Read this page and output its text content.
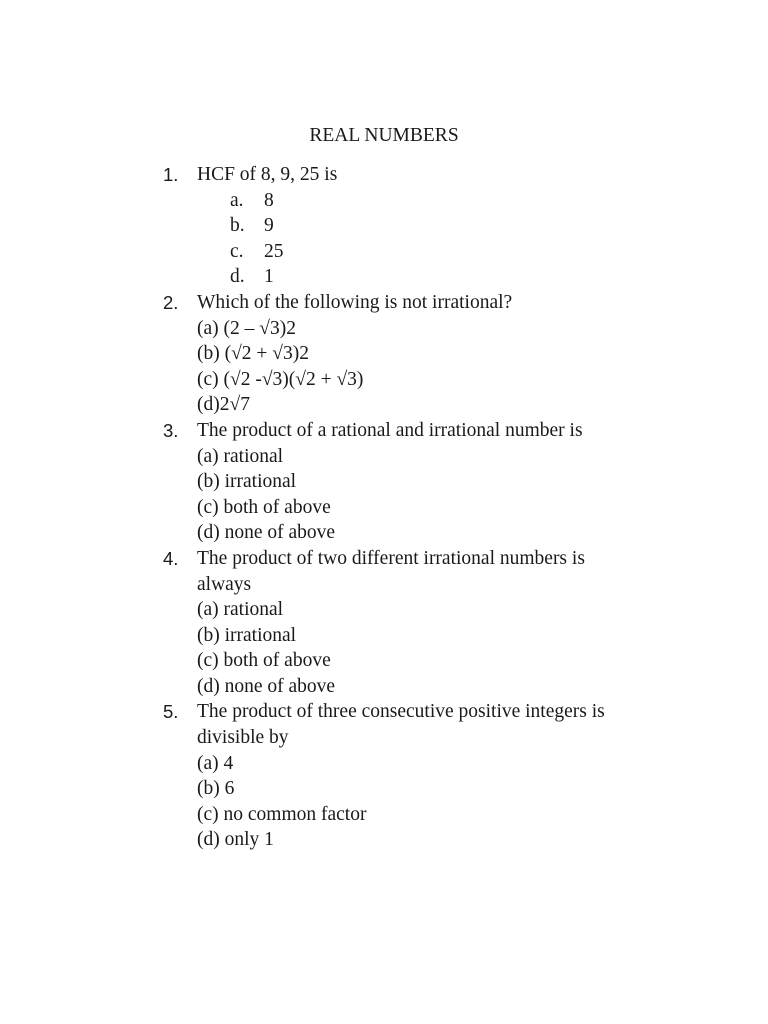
REAL NUMBERS
1. HCF of 8, 9, 25 is
a. 8
b. 9
c. 25
d. 1
2. Which of the following is not irrational?
(a) (2 – √3)2
(b) (√2 + √3)2
(c) (√2 -√3)(√2 + √3)
(d)2√7
3. The product of a rational and irrational number is
(a) rational
(b) irrational
(c) both of above
(d) none of above
4. The product of two different irrational numbers is always
(a) rational
(b) irrational
(c) both of above
(d) none of above
5. The product of three consecutive positive integers is divisible by
(a) 4
(b) 6
(c) no common factor
(d) only 1
